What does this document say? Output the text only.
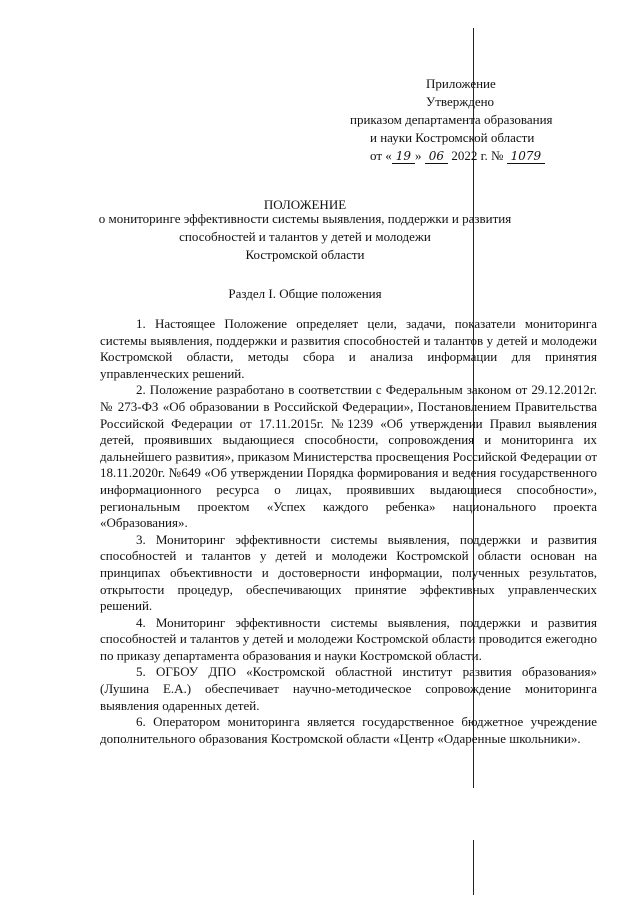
Приложение
Утверждено
приказом департамента образования
и науки Костромской области
от « 19 » 06 2022 г. № 1079
ПОЛОЖЕНИЕ
о мониторинге эффективности системы выявления, поддержки и развития
способностей и талантов у детей и молодежи
Костромской области
Раздел I. Общие положения

1. Настоящее Положение определяет цели, задачи, показатели мониторинга системы выявления, поддержки и развития способностей и талантов у детей и молодежи Костромской области, методы сбора и анализа информации для принятия управленческих решений.

2. Положение разработано в соответствии с Федеральным законом от 29.12.2012г. № 273-ФЗ «Об образовании в Российской Федерации», Постановлением Правительства Российской Федерации от 17.11.2015г. №1239 «Об утверждении Правил выявления детей, проявивших выдающиеся способности, сопровождения и мониторинга их дальнейшего развития», приказом Министерства просвещения Российской Федерации от 18.11.2020г. №649 «Об утверждении Порядка формирования и ведения государственного информационного ресурса о лицах, проявивших выдающиеся способности», региональным проектом «Успех каждого ребенка» национального проекта «Образования».

3. Мониторинг эффективности системы выявления, поддержки и развития способностей и талантов у детей и молодежи Костромской области основан на принципах объективности и достоверности информации, полученных результатов, открытости процедур, обеспечивающих принятие эффективных управленческих решений.

4. Мониторинг эффективности системы выявления, поддержки и развития способностей и талантов у детей и молодежи Костромской области проводится ежегодно по приказу департамента образования и науки Костромской области.

5. ОГБОУ ДПО «Костромской областной институт развития образования» (Лушина Е.А.) обеспечивает научно-методическое сопровождение мониторинга выявления одаренных детей.

6. Оператором мониторинга является государственное бюджетное учреждение дополнительного образования Костромской области «Центр «Одаренные школьники».
